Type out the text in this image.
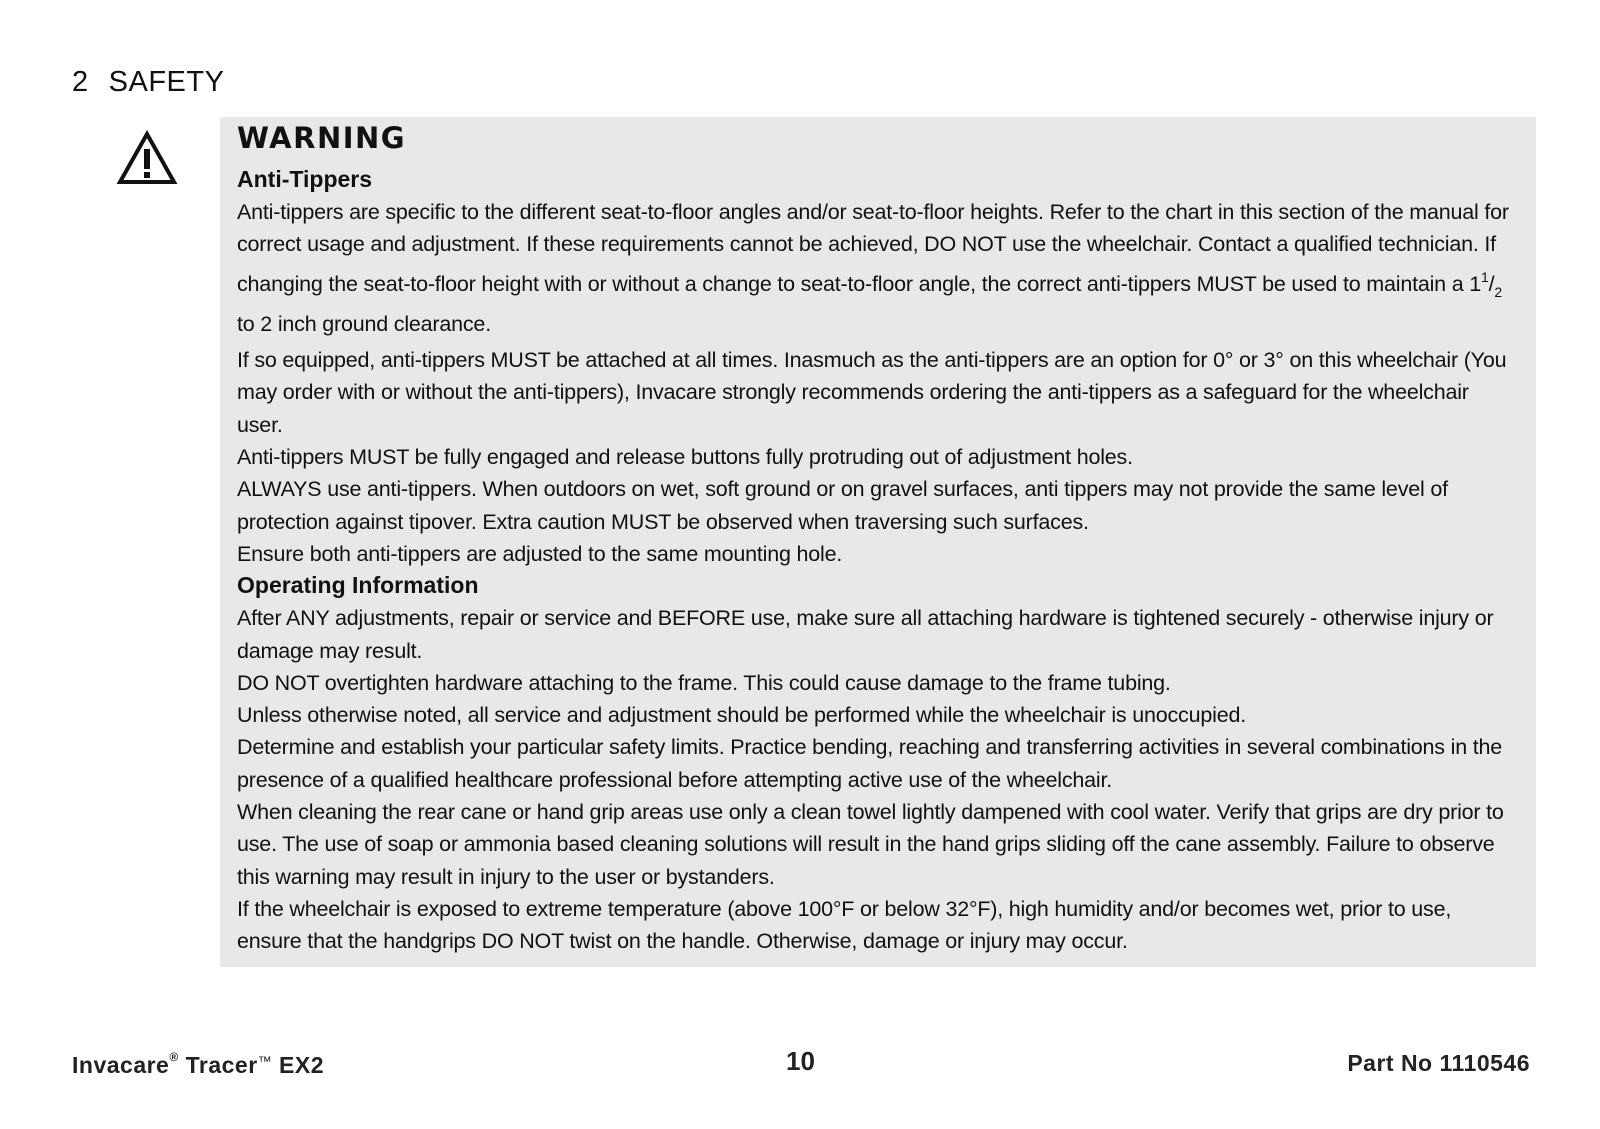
2 SAFETY
WARNING
Anti-Tippers

Anti-tippers are specific to the different seat-to-floor angles and/or seat-to-floor heights. Refer to the chart in this section of the manual for correct usage and adjustment. If these requirements cannot be achieved, DO NOT use the wheelchair. Contact a qualified technician. If changing the seat-to-floor height with or without a change to seat-to-floor angle, the correct anti-tippers MUST be used to maintain a $1^1/_2$ to 2 inch ground clearance.

If so equipped, anti-tippers MUST be attached at all times. Inasmuch as the anti-tippers are an option for 0° or 3° on this wheelchair (You may order with or without the anti-tippers), Invacare strongly recommends ordering the anti-tippers as a safeguard for the wheelchair user.

Anti-tippers MUST be fully engaged and release buttons fully protruding out of adjustment holes.

ALWAYS use anti-tippers. When outdoors on wet, soft ground or on gravel surfaces, anti tippers may not provide the same level of protection against tipover. Extra caution MUST be observed when traversing such surfaces.

Ensure both anti-tippers are adjusted to the same mounting hole.

Operating Information

After ANY adjustments, repair or service and BEFORE use, make sure all attaching hardware is tightened securely - otherwise injury or damage may result.

DO NOT overtighten hardware attaching to the frame. This could cause damage to the frame tubing.

Unless otherwise noted, all service and adjustment should be performed while the wheelchair is unoccupied.

Determine and establish your particular safety limits. Practice bending, reaching and transferring activities in several combinations in the presence of a qualified healthcare professional before attempting active use of the wheelchair.

When cleaning the rear cane or hand grip areas use only a clean towel lightly dampened with cool water. Verify that grips are dry prior to use. The use of soap or ammonia based cleaning solutions will result in the hand grips sliding off the cane assembly. Failure to observe this warning may result in injury to the user or bystanders.

If the wheelchair is exposed to extreme temperature (above 100°F or below 32°F), high humidity and/or becomes wet, prior to use, ensure that the handgrips DO NOT twist on the handle. Otherwise, damage or injury may occur.

Invacare® Tracer™ EX2	10	Part No 1110546
